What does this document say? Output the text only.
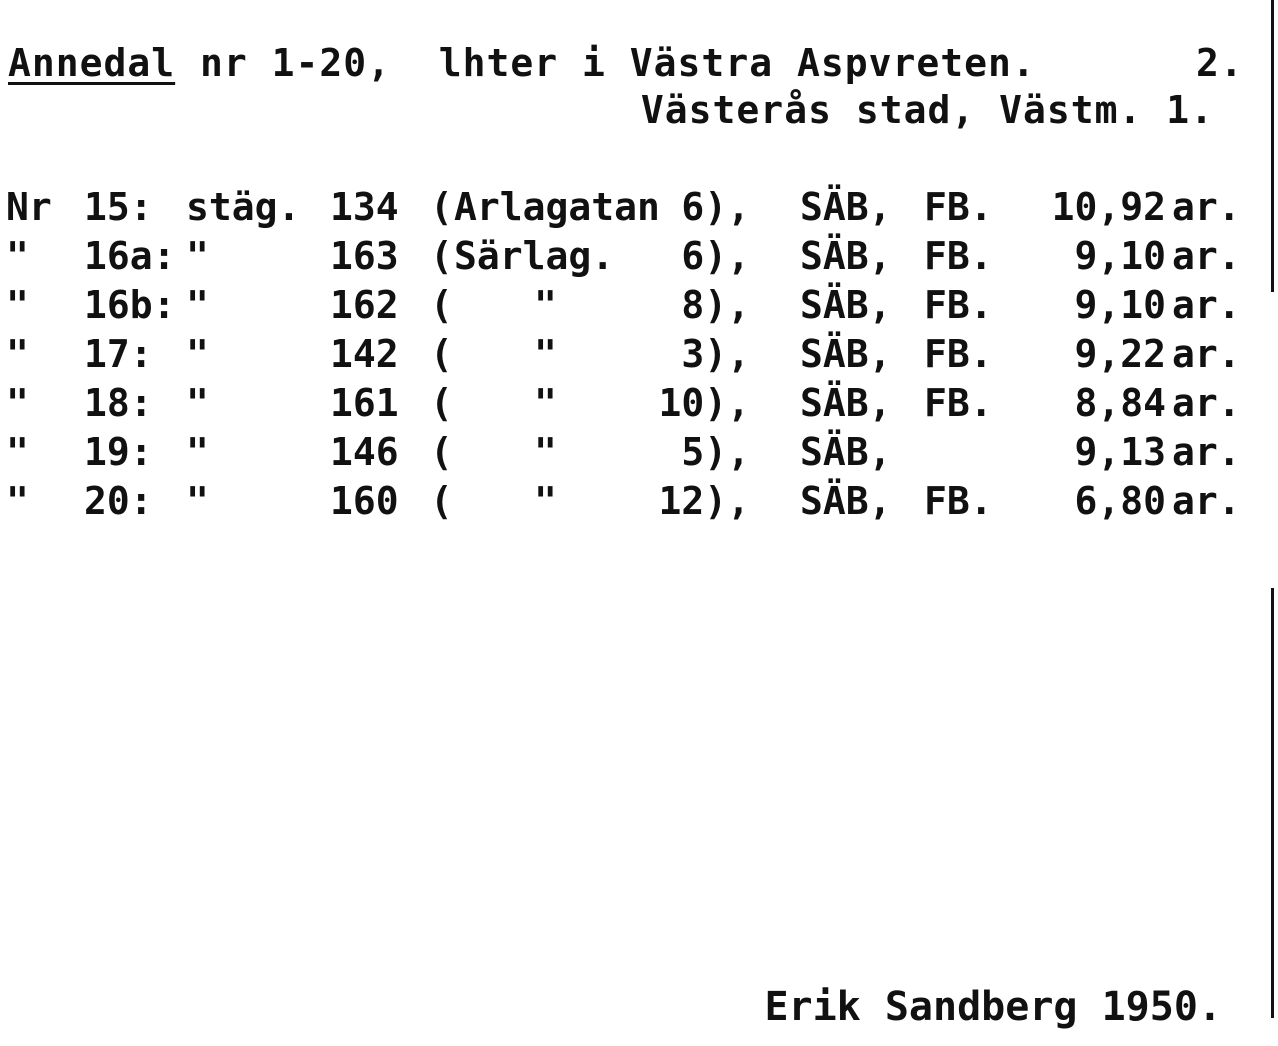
Annedal nr 1-20,  lhter i Västra Aspvreten.	2.
Västerås stad, Västm. 1.
Nr 15: stäg. 134 ( Arlagatan 6), SÄB, FB. 10,92 ar.
" 16a: "	163 ( Särlag. 6), SÄB, FB. 9,10 ar.
" 16b: "	162 ( "	8), SÄB, FB. 9,10 ar.
" 17: "	142 ( "	3), SÄB, FB. 9,22 ar.
" 18: "	161 ( "	10), SÄB, FB. 8,84 ar.
" 19: "	146 ( "	5), SÄB,	9,13 ar.
" 20: "	160 ( "	12), SÄB, FB. 6,80 ar.
Erik Sandberg 1950.
